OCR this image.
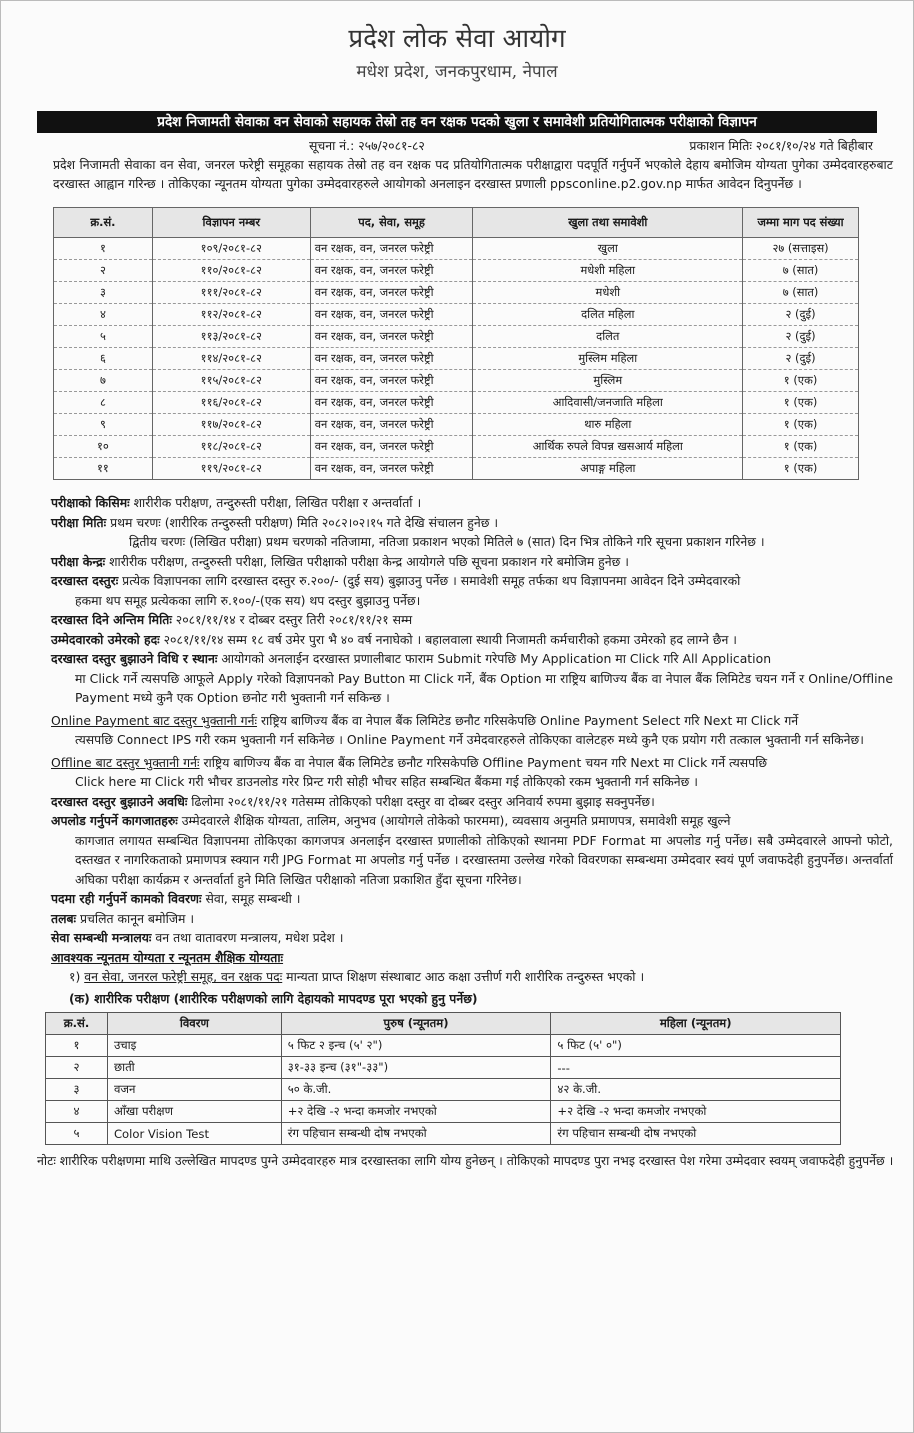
प्रदेश लोक सेवा आयोग
मधेश प्रदेश, जनकपुरधाम, नेपाल
प्रदेश निजामती सेवाका वन सेवाको सहायक तेस्रो तह वन रक्षक पदको खुला र समावेशी प्रतियोगितात्मक परीक्षाको विज्ञापन
सूचना नं.: २५७/२०८१-८२	प्रकाशन मितिः २०८१/१०/२४ गते बिहीबार

प्रदेश निजामती सेवाका वन सेवा, जनरल फरेष्ट्री समूहका सहायक तेस्रो तह वन रक्षक पद प्रतियोगितात्मक परीक्षाद्वारा पदपूर्ति गर्नुपर्ने भएकोले देहाय बमोजिम योग्यता पुगेका उम्मेदवारहरुबाट दरखास्त आह्वान गरिन्छ । तोकिएका न्यूनतम योग्यता पुगेका उम्मेदवारहरुले आयोगको अनलाइन दरखास्त प्रणाली ppsconline.p2.gov.np मार्फत आवेदन दिनुपर्नेछ ।

क्र.सं.	विज्ञापन नम्बर	पद, सेवा, समूह	खुला तथा समावेशी	जम्मा माग पद संख्या
१	१०९/२०८१-८२	वन रक्षक, वन, जनरल फरेष्ट्री	खुला	२७ (सत्ताइस)
२	११०/२०८१-८२	वन रक्षक, वन, जनरल फरेष्ट्री	मधेशी महिला	७ (सात)
३	१११/२०८१-८२	वन रक्षक, वन, जनरल फरेष्ट्री	मधेशी	७ (सात)
४	११२/२०८१-८२	वन रक्षक, वन, जनरल फरेष्ट्री	दलित महिला	२ (दुई)
५	११३/२०८१-८२	वन रक्षक, वन, जनरल फरेष्ट्री	दलित	२ (दुई)
६	११४/२०८१-८२	वन रक्षक, वन, जनरल फरेष्ट्री	मुस्लिम महिला	२ (दुई)
७	११५/२०८१-८२	वन रक्षक, वन, जनरल फरेष्ट्री	मुस्लिम	१ (एक)
८	११६/२०८१-८२	वन रक्षक, वन, जनरल फरेष्ट्री	आदिवासी/जनजाति महिला	१ (एक)
९	११७/२०८१-८२	वन रक्षक, वन, जनरल फरेष्ट्री	थारु महिला	१ (एक)
१०	११८/२०८१-८२	वन रक्षक, वन, जनरल फरेष्ट्री	आर्थिक रुपले विपन्न खसआर्य महिला	१ (एक)
११	११९/२०८१-८२	वन रक्षक, वन, जनरल फरेष्ट्री	अपाङ्ग महिला	१ (एक)

परीक्षाको किसिमः शारीरीक परीक्षण, तन्दुरुस्ती परीक्षा, लिखित परीक्षा र अन्तर्वार्ता ।

परीक्षा मितिः प्रथम चरणः (शारीरिक तन्दुरुस्ती परीक्षण) मिति २०८२।०२।१५ गते देखि संचालन हुनेछ ।
द्वितीय चरणः (लिखित परीक्षा) प्रथम चरणको नतिजामा, नतिजा प्रकाशन भएको मितिले ७ (सात) दिन भित्र तोकिने गरि सूचना प्रकाशन गरिनेछ ।

परीक्षा केन्द्रः शारीरीक परीक्षण, तन्दुरुस्ती परीक्षा, लिखित परीक्षाको परीक्षा केन्द्र आयोगले पछि सूचना प्रकाशन गरे बमोजिम हुनेछ ।

दरखास्त दस्तुरः प्रत्येक विज्ञापनका लागि दरखास्त दस्तुर रु.२००/- (दुई सय) बुझाउनु पर्नेछ । समावेशी समूह तर्फका थप विज्ञापनमा आवेदन दिने उम्मेदवारको
हकमा थप समूह प्रत्येकका लागि रु.१००/-(एक सय) थप दस्तुर बुझाउनु पर्नेछ।

दरखास्त दिने अन्तिम मितिः २०८१/११/१४ र दोब्बर दस्तुर तिरी २०८१/११/२१ सम्म

उम्मेदवारको उमेरको हदः २०८१/११/१४ सम्म १८ वर्ष उमेर पुरा भै ४० वर्ष ननाघेको । बहालवाला स्थायी निजामती कर्मचारीको हकमा उमेरको हद लाग्ने छैन ।

दरखास्त दस्तुर बुझाउने विधि र स्थानः आयोगको अनलाईन दरखास्त प्रणालीबाट फाराम Submit गरेपछि My Application मा Click गरि All Application
मा Click गर्ने त्यसपछि आफूले Apply गरेको विज्ञापनको Pay Button मा Click गर्ने, बैंक Option मा राष्ट्रिय बाणिज्य बैंक वा नेपाल बैंक लिमिटेड चयन गर्ने र Online/Offline Payment मध्ये कुनै एक Option छनोट गरी भुक्तानी गर्न सकिन्छ ।

Online Payment बाट दस्तुर भुक्तानी गर्नः राष्ट्रिय बाणिज्य बैंक वा नेपाल बैंक लिमिटेड छनौट गरिसकेपछि Online Payment Select गरि Next मा Click गर्ने
त्यसपछि Connect IPS गरी रकम भुक्तानी गर्न सकिनेछ । Online Payment गर्ने उमेदवारहरुले तोकिएका वालेटहरु मध्ये कुनै एक प्रयोग गरी तत्काल भुक्तानी गर्न सकिनेछ।

Offline बाट दस्तुर भुक्तानी गर्नः राष्ट्रिय बाणिज्य बैंक वा नेपाल बैंक लिमिटेड छनौट गरिसकेपछि Offline Payment चयन गरि Next मा Click गर्ने त्यसपछि
Click here मा Click गरी भौचर डाउनलोड गरेर प्रिन्ट गरी सोही भौचर सहित सम्बन्धित बैंकमा गई तोकिएको रकम भुक्तानी गर्न सकिनेछ ।

दरखास्त दस्तुर बुझाउने अवधिः ढिलोमा २०८१/११/२१ गतेसम्म तोकिएको परीक्षा दस्तुर वा दोब्बर दस्तुर अनिवार्य रुपमा बुझाइ सक्नुपर्नेछ।

अपलोड गर्नुपर्ने कागजातहरुः उम्मेदवारले शैक्षिक योग्यता, तालिम, अनुभव (आयोगले तोकेको फारममा), व्यवसाय अनुमति प्रमाणपत्र, समावेशी समूह खुल्ने
कागजात लगायत सम्बन्धित विज्ञापनमा तोकिएका कागजपत्र अनलाईन दरखास्त प्रणालीको तोकिएको स्थानमा PDF Format मा अपलोड गर्नु पर्नेछ। सबै उम्मेदवारले आफ्नो फोटो, दस्तखत र नागरिकताको प्रमाणपत्र स्क्यान गरी JPG Format मा अपलोड गर्नु पर्नेछ । दरखास्तमा उल्लेख गरेको विवरणका सम्बन्धमा उम्मेदवार स्वयं पूर्ण जवाफदेही हुनुपर्नेछ। अन्तर्वार्ता अघिका परीक्षा कार्यक्रम र अन्तर्वार्ता हुने मिति लिखित परीक्षाको नतिजा प्रकाशित हुँदा सूचना गरिनेछ।

पदमा रही गर्नुपर्ने कामको विवरणः सेवा, समूह सम्बन्धी ।

तलबः प्रचलित कानून बमोजिम ।

सेवा सम्बन्धी मन्त्रालयः वन तथा वातावरण मन्त्रालय, मधेश प्रदेश ।

आवश्यक न्यूनतम योग्यता र न्यूनतम शैक्षिक योग्यताः

१) वन सेवा, जनरल फरेष्ट्री समूह, वन रक्षक पदः मान्यता प्राप्त शिक्षण संस्थाबाट आठ कक्षा उत्तीर्ण गरी शारीरिक तन्दुरुस्त भएको ।

(क) शारीरिक परीक्षण (शारीरिक परीक्षणको लागि देहायको मापदण्ड पूरा भएको हुनु पर्नेछ)
क्र.सं.	विवरण	पुरुष (न्यूनतम)	महिला (न्यूनतम)
१	उचाइ	५ फिट २ इन्च (५' २")	५ फिट (५' ०")
२	छाती	३१-३३ इन्च (३१"-३३")	---
३	वजन	५० के.जी.	४२ के.जी.
४	आँखा परीक्षण	+२ देखि -२ भन्दा कमजोर नभएको	+२ देखि -२ भन्दा कमजोर नभएको
५	Color Vision Test	रंग पहिचान सम्बन्धी दोष नभएको	रंग पहिचान सम्बन्धी दोष नभएको

नोटः शारीरिक परीक्षणमा माथि उल्लेखित मापदण्ड पुग्ने उम्मेदवारहरु मात्र दरखास्तका लागि योग्य हुनेछन् । तोकिएको मापदण्ड पुरा नभइ दरखास्त पेश गरेमा उम्मेदवार स्वयम् जवाफदेही हुनुपर्नेछ ।
